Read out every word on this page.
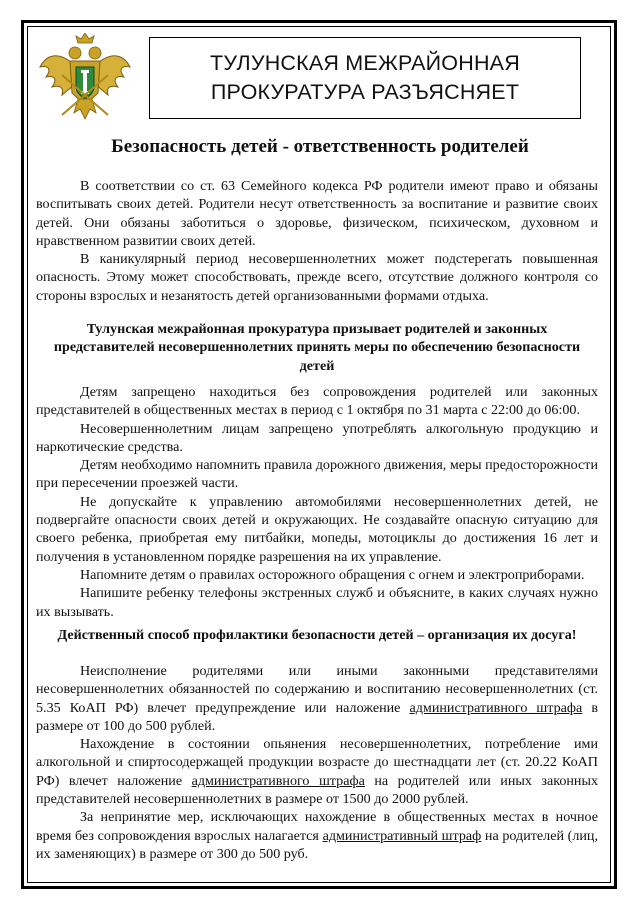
ТУЛУНСКАЯ МЕЖРАЙОННАЯ
ПРОКУРАТУРА РАЗЪЯСНЯЕТ
Безопасность детей - ответственность родителей

В соответствии со ст. 63 Семейного кодекса РФ родители имеют право и обязаны воспитывать своих детей. Родители несут ответственность за воспитание и развитие своих детей. Они обязаны заботиться о здоровье, физическом, психическом, духовном и нравственном развитии своих детей.

В каникулярный период несовершеннолетних может подстерегать повышенная опасность. Этому может способствовать, прежде всего, отсутствие должного контроля со стороны взрослых и незанятость детей организованными формами отдыха.

Тулунская межрайонная прокуратура призывает родителей и законных представителей несовершеннолетних принять меры по обеспечению безопасности детей

Детям запрещено находиться без сопровождения родителей или законных представителей в общественных местах в период с 1 октября по 31 марта с 22:00 до 06:00.

Несовершеннолетним лицам запрещено употреблять алкогольную продукцию и наркотические средства.

Детям необходимо напомнить правила дорожного движения, меры предосторожности при пересечении проезжей части.

Не допускайте к управлению автомобилями несовершеннолетних детей, не подвергайте опасности своих детей и окружающих. Не создавайте опасную ситуацию для своего ребенка, приобретая ему питбайки, мопеды, мотоциклы до достижения 16 лет и получения в установленном порядке разрешения на их управление.

Напомните детям о правилах осторожного обращения с огнем и электроприборами.

Напишите ребенку телефоны экстренных служб и объясните, в каких случаях нужно их вызывать.

Действенный способ профилактики безопасности детей – организация их досуга!

Неисполнение родителями или иными законными представителями несовершеннолетних обязанностей по содержанию и воспитанию несовершеннолетних (ст. 5.35 КоАП РФ) влечет предупреждение или наложение административного штрафа в размере от 100 до 500 рублей.

Нахождение в состоянии опьянения несовершеннолетних, потребление ими алкогольной и спиртосодержащей продукции возрасте до шестнадцати лет (ст. 20.22 КоАП РФ) влечет наложение административного штрафа на родителей или иных законных представителей несовершеннолетних в размере от 1500 до 2000 рублей.

За непринятие мер, исключающих нахождение в общественных местах в ночное время без сопровождения взрослых налагается административный штраф на родителей (лиц, их заменяющих) в размере от 300 до 500 руб.
